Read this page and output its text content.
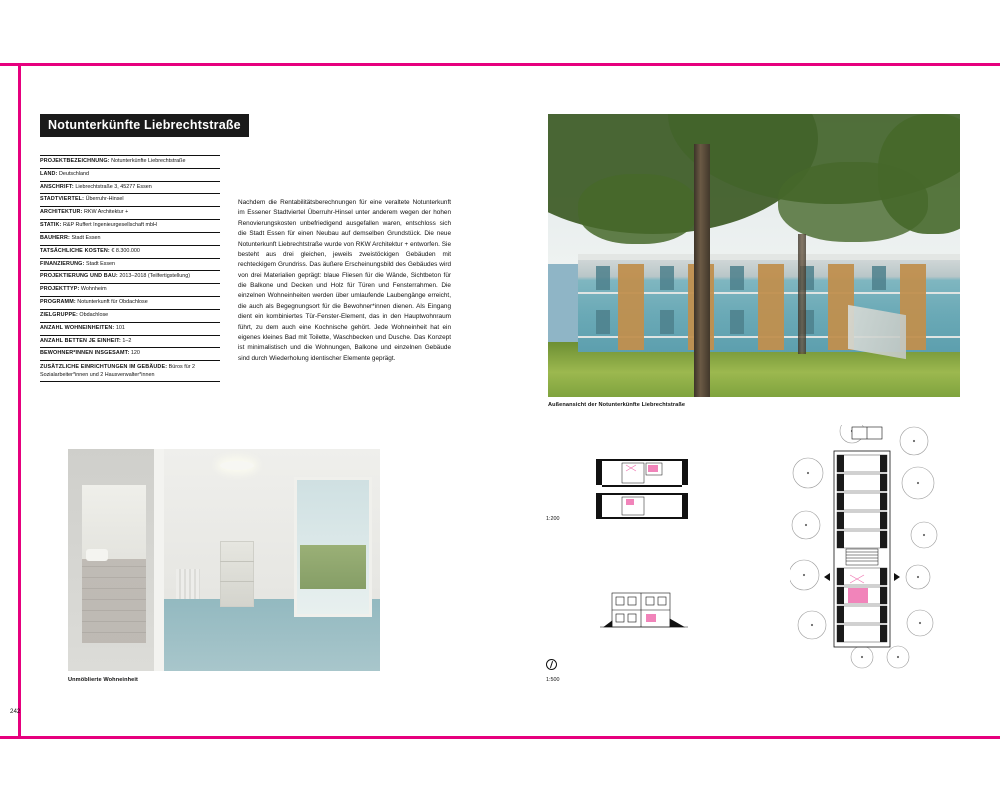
Notunterkünfte Liebrechtstraße
PROJEKTBEZEICHNUNG: Notunterkünfte Liebrechtstraße
LAND: Deutschland
ANSCHRIFT: Liebrechtstraße 3, 45277 Essen
STADTVIERTEL: Überruhr-Hinsel
ARCHITEKTUR: RKW Architektur +
STATIK: R&P Ruffert Ingenieurgesellschaft mbH
BAUHERR: Stadt Essen
TATSÄCHLICHE KOSTEN: € 8.300.000
FINANZIERUNG: Stadt Essen
PROJEKTIERUNG UND BAU: 2013–2018 (Teilfertigstellung)
PROJEKTTYP: Wohnheim
PROGRAMM: Notunterkunft für Obdachlose
ZIELGRUPPE: Obdachlose
ANZAHL WOHNEINHEITEN: 101
ANZAHL BETTEN JE EINHEIT: 1–2
BEWOHNER*INNEN INSGESAMT: 120
ZUSÄTZLICHE EINRICHTUNGEN IM GEBÄUDE: Büros für 2 Sozialarbeiter*innen und 2 Hausverwalter*innen
Nachdem die Rentabilitätsberechnungen für eine veraltete Notunterkunft im Essener Stadtviertel Überruhr-Hinsel unter anderem wegen der hohen Renovierungskosten unbefriedigend ausgefallen waren, entschloss sich die Stadt Essen für einen Neubau auf demselben Grundstück. Die neue Notunterkunft Liebrechtstraße wurde von RKW Architektur + entworfen. Sie besteht aus drei gleichen, jeweils zweistöckigen Gebäuden mit rechteckigem Grundriss. Das äußere Erscheinungsbild des Gebäudes wird von drei Materialien geprägt: blaue Fliesen für die Wände, Sichtbeton für die Balkone und Decken und Holz für Türen und Fensterrahmen. Die einzelnen Wohneinheiten werden über umlaufende Laubengänge erreicht, die auch als Begegnungsort für die Bewohner*innen dienen. Als Eingang dient ein kombiniertes Tür-Fenster-Element, das in den Hauptwohnraum führt, zu dem auch eine Kochnische gehört. Jede Wohneinheit hat ein eigenes kleines Bad mit Toilette, Waschbecken und Dusche. Das Konzept ist minimalistisch und die Wohnungen, Balkone und einzelnen Gebäude sind durch Wiederholung identischer Elemente geprägt.
Außenansicht der Notunterkünfte Liebrechtstraße
Unmöblierte Wohneinheit
1:200
1:500
242
